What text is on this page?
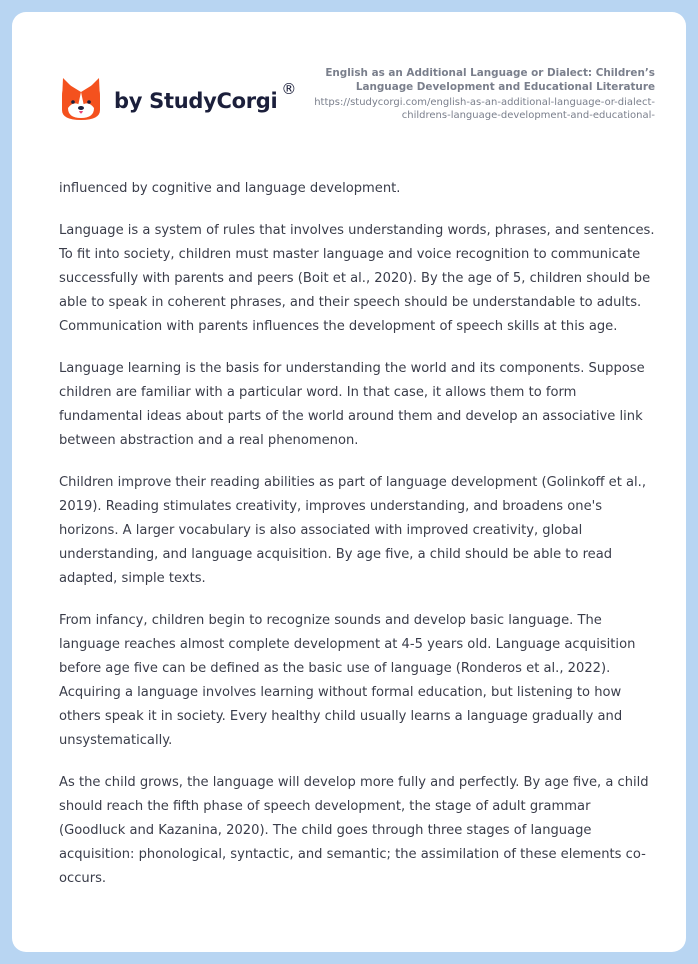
by StudyCorgi ®
English as an Additional Language or Dialect: Children’s Language Development and Educational Literature
https://studycorgi.com/english-as-an-additional-language-or-dialect-childrens-language-development-and-educational-

influenced by cognitive and language development.

Language is a system of rules that involves understanding words, phrases, and sentences. To fit into society, children must master language and voice recognition to communicate successfully with parents and peers (Boit et al., 2020). By the age of 5, children should be able to speak in coherent phrases, and their speech should be understandable to adults. Communication with parents influences the development of speech skills at this age.

Language learning is the basis for understanding the world and its components. Suppose children are familiar with a particular word. In that case, it allows them to form fundamental ideas about parts of the world around them and develop an associative link between abstraction and a real phenomenon.

Children improve their reading abilities as part of language development (Golinkoff et al., 2019). Reading stimulates creativity, improves understanding, and broadens one's horizons. A larger vocabulary is also associated with improved creativity, global understanding, and language acquisition. By age five, a child should be able to read adapted, simple texts.

From infancy, children begin to recognize sounds and develop basic language. The language reaches almost complete development at 4-5 years old. Language acquisition before age five can be defined as the basic use of language (Ronderos et al., 2022). Acquiring a language involves learning without formal education, but listening to how others speak it in society. Every healthy child usually learns a language gradually and unsystematically.

As the child grows, the language will develop more fully and perfectly. By age five, a child should reach the fifth phase of speech development, the stage of adult grammar (Goodluck and Kazanina, 2020). The child goes through three stages of language acquisition: phonological, syntactic, and semantic; the assimilation of these elements co-occurs.
